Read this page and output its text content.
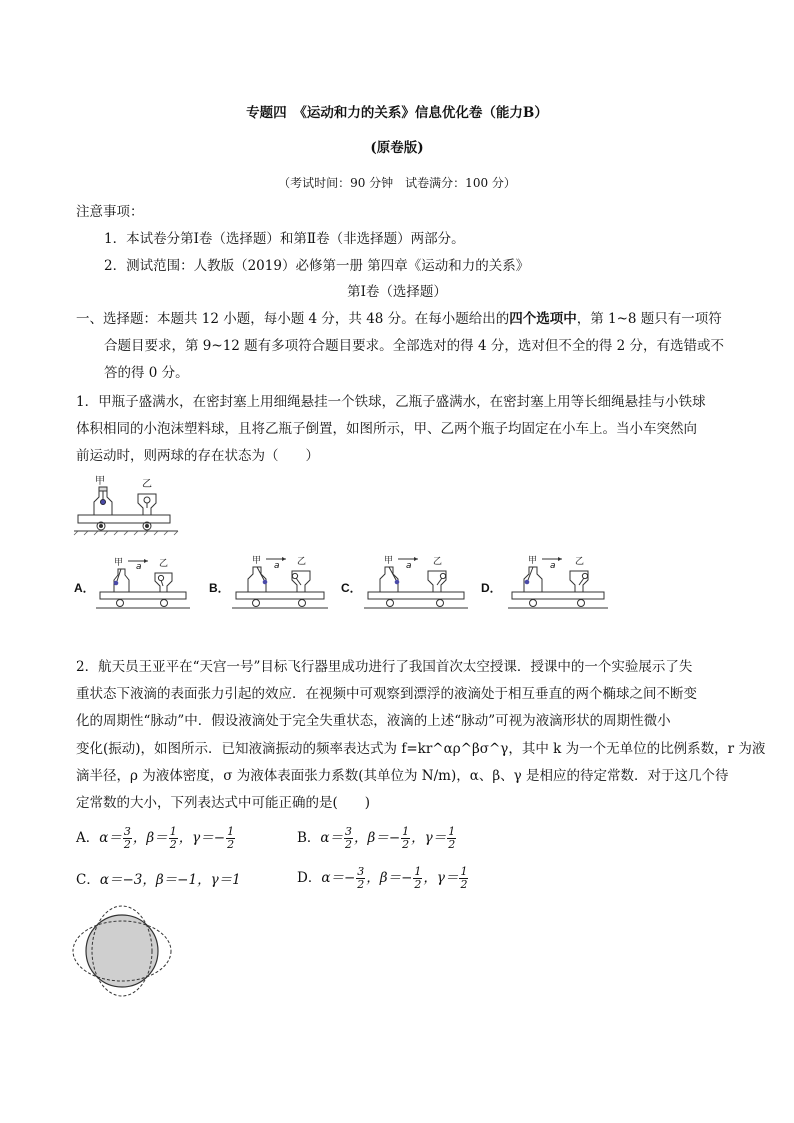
专题四　《运动和力的关系》信息优化卷（能力B）
(原卷版)
（考试时间：90 分钟　试卷满分：100 分）
注意事项：
1．本试卷分第Ⅰ卷（选择题）和第Ⅱ卷（非选择题）两部分。
2．测试范围：人教版（2019）必修第一册 第四章《运动和力的关系》
第Ⅰ卷（选择题）
一、选择题：本题共 12 小题，每小题 4 分，共 48 分。在每小题给出的四个选项中，第 1~8 题只有一项符
合题目要求，第 9~12 题有多项符合题目要求。全部选对的得 4 分，选对但不全的得 2 分，有选错或不
答的得 0 分。
1．甲瓶子盛满水，在密封塞上用细绳悬挂一个铁球，乙瓶子盛满水，在密封塞上用等长细绳悬挂与小铁球
体积相同的小泡沫塑料球，且将乙瓶子倒置，如图所示，甲、乙两个瓶子均固定在小车上。当小车突然向
前运动时，则两球的存在状态为（　　）
甲	乙
A．
甲 a 乙
B．
甲 a 乙
C．
甲 a 乙
D．
甲 a 乙
2．航天员王亚平在“天宫一号”目标飞行器里成功进行了我国首次太空授课．授课中的一个实验展示了失
重状态下液滴的表面张力引起的效应．在视频中可观察到漂浮的液滴处于相互垂直的两个椭球之间不断变
化的周期性“脉动”中．假设液滴处于完全失重状态，液滴的上述“脉动”可视为液滴形状的周期性微小
变化(振动)，如图所示．已知液滴振动的频率表达式为 f=kr^αρ^βσ^γ，其中 k 为一个无单位的比例系数，r 为液
滴半径，ρ 为液体密度，σ 为液体表面张力系数(其单位为 N/m)，α、β、γ 是相应的待定常数．对于这几个待
定常数的大小，下列表达式中可能正确的是(　　)
A．$\alpha= \frac{3}{2}$ ，$\beta= \frac{1}{2}$ ，$\gamma=- \frac{1}{2}$	B．$\alpha= \frac{3}{2}$ ，$\beta=- \frac{1}{2}$ ，$\gamma= \frac{1}{2}$
C．α＝−3，β＝−1，γ＝1	D．$\alpha=- \frac{3}{2}$ ，$\beta=- \frac{1}{2}$ ，$\gamma= \frac{1}{2}$
